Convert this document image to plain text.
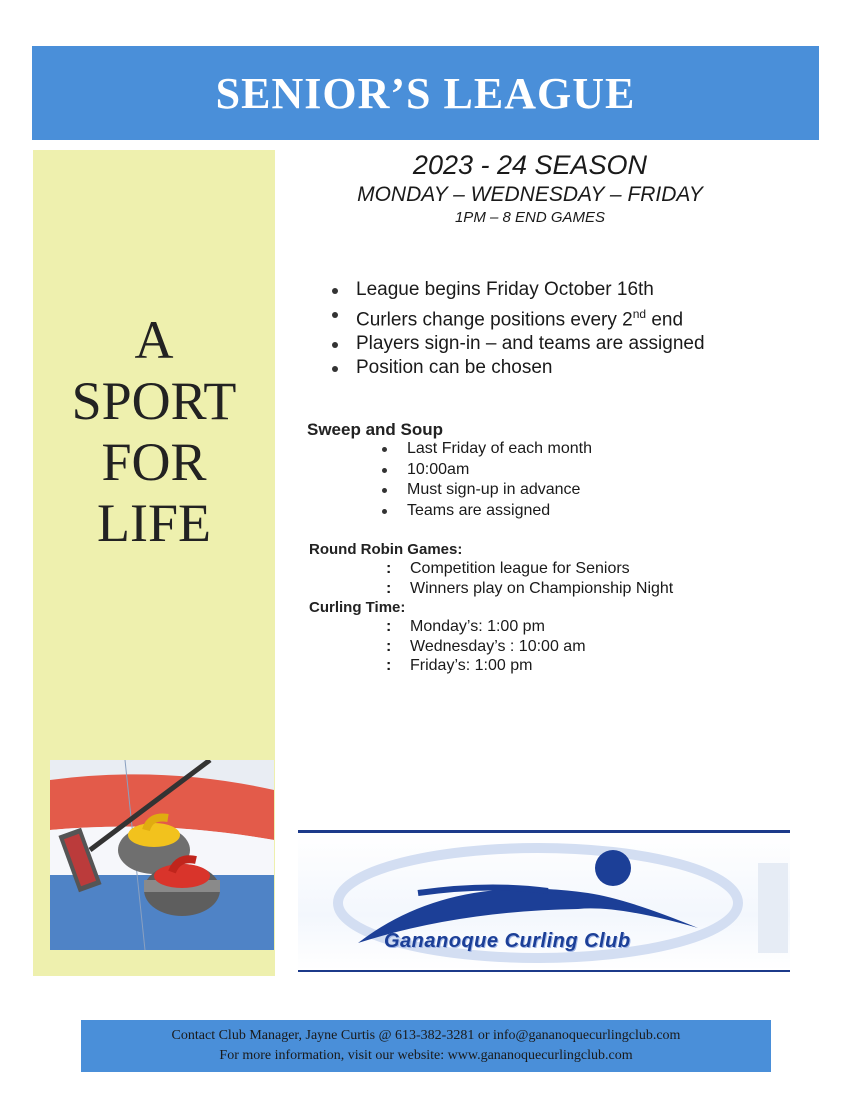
SENIOR’S LEAGUE
A
SPORT
FOR
LIFE
2023 - 24 SEASON
MONDAY – WEDNESDAY – FRIDAY
1PM – 8 END GAMES
League begins Friday October 16th
Curlers change positions every 2nd end
Players sign-in – and teams are assigned
Position can be chosen
Sweep and Soup
Last Friday of each month
10:00am
Must sign-up in advance
Teams are assigned
Round Robin Games:
: Competition league for Seniors
: Winners play on Championship Night
Curling Time:
: Monday’s: 1:00 pm
: Wednesday’s : 10:00 am
: Friday’s: 1:00 pm
Gananoque Curling Club
Contact Club Manager, Jayne Curtis @ 613-382-3281 or info@gananoquecurlingclub.com
For more information, visit our website: www.gananoquecurlingclub.com
